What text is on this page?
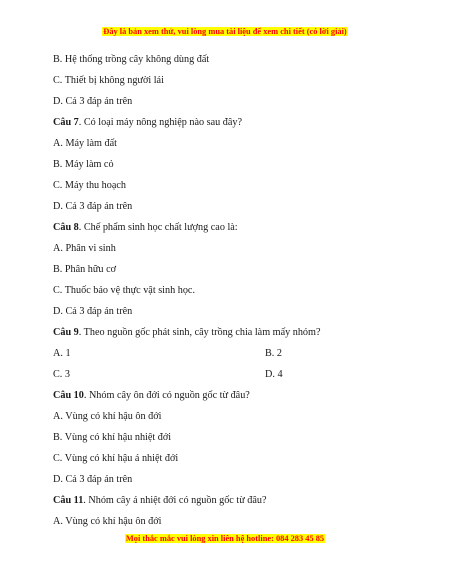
Đây là bản xem thử, vui lòng mua tài liệu để xem chi tiết (có lời giải)
B. Hệ thống trồng cây không dùng đất
C. Thiết bị không người lái
D. Cả 3 đáp án trên
Câu 7. Có loại máy nông nghiệp nào sau đây?
A. Máy làm đất
B. Máy làm cỏ
C. Máy thu hoạch
D. Cả 3 đáp án trên
Câu 8. Chế phẩm sinh học chất lượng cao là:
A. Phân vi sinh
B. Phân hữu cơ
C. Thuốc bảo vệ thực vật sinh học.
D. Cả 3 đáp án trên
Câu 9. Theo nguồn gốc phát sinh, cây trồng chia làm mấy nhóm?
A. 1	B. 2
C. 3	D. 4
Câu 10. Nhóm cây ôn đới có nguồn gốc từ đâu?
A. Vùng có khí hậu ôn đới
B. Vùng có khí hậu nhiệt đới
C. Vùng có khí hậu á nhiệt đới
D. Cả 3 đáp án trên
Câu 11. Nhóm cây á nhiệt đới có nguồn gốc từ đâu?
A. Vùng có khí hậu ôn đới
Mọi thắc mắc vui lòng xin liên hệ hotline: 084 283 45 85
